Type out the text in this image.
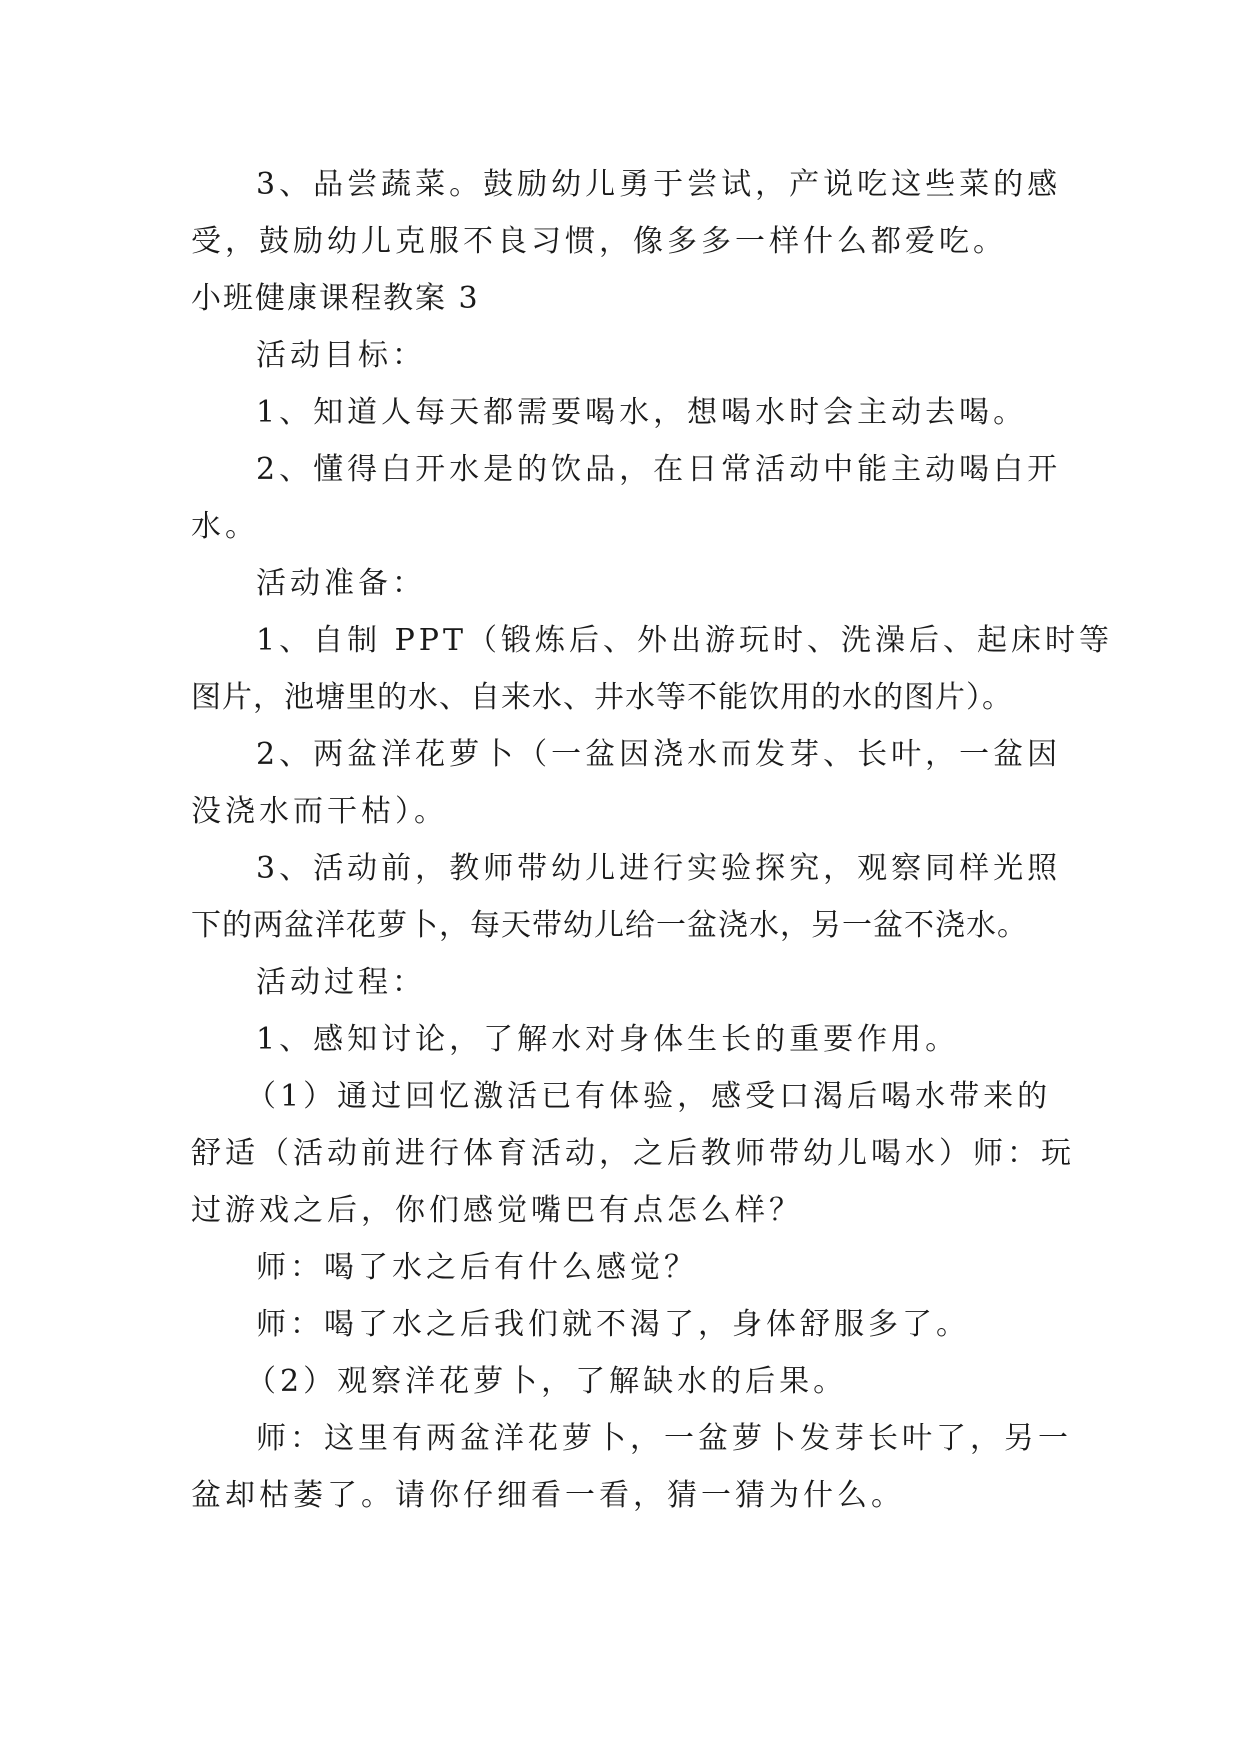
3、品尝蔬菜。鼓励幼儿勇于尝试，产说吃这些菜的感

受，鼓励幼儿克服不良习惯，像多多一样什么都爱吃。

小班健康课程教案 3

活动目标：

1、知道人每天都需要喝水，想喝水时会主动去喝。

2、懂得白开水是的饮品，在日常活动中能主动喝白开

水。

活动准备：

1、自制 PPT（锻炼后、外出游玩时、洗澡后、起床时等

图片，池塘里的水、自来水、井水等不能饮用的水的图片）。

2、两盆洋花萝卜（一盆因浇水而发芽、长叶，一盆因

没浇水而干枯）。

3、活动前，教师带幼儿进行实验探究，观察同样光照

下的两盆洋花萝卜，每天带幼儿给一盆浇水，另一盆不浇水。

活动过程：

1、感知讨论，了解水对身体生长的重要作用。

（1）通过回忆激活已有体验，感受口渴后喝水带来的

舒适（活动前进行体育活动，之后教师带幼儿喝水）师：玩

过游戏之后，你们感觉嘴巴有点怎么样？

师：喝了水之后有什么感觉？

师：喝了水之后我们就不渴了，身体舒服多了。

（2）观察洋花萝卜，了解缺水的后果。

师：这里有两盆洋花萝卜，一盆萝卜发芽长叶了，另一

盆却枯萎了。请你仔细看一看，猜一猜为什么。
